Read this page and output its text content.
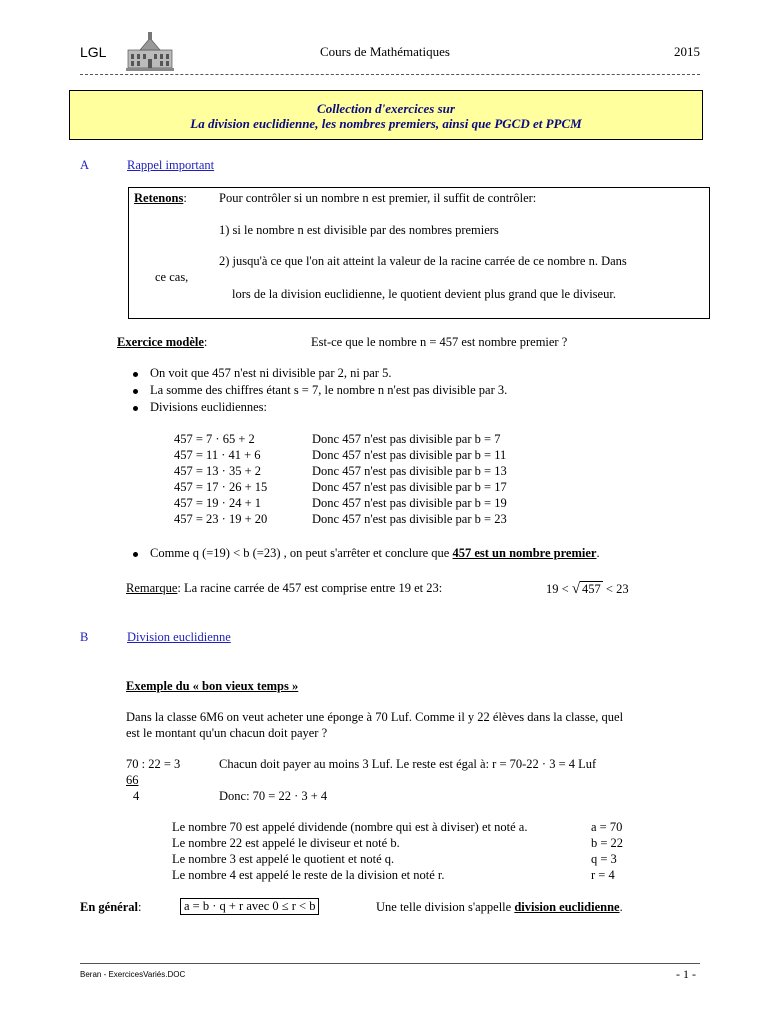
LGL	Cours de Mathématiques	2015
Collection d'exercices sur
La division euclidienne, les nombres premiers, ainsi que PGCD et PPCM
A	Rappel important
Retenons:	Pour contrôler si un nombre n est premier, il suffit de contrôler:
1) si le nombre n est divisible par des nombres premiers
2) jusqu'à ce que l'on ait atteint la valeur de la racine carrée de ce nombre n. Dans
ce cas,
lors de la division euclidienne, le quotient devient plus grand que le diviseur.
Exercice modèle:	Est-ce que le nombre n = 457 est nombre premier ?
On voit que 457 n'est ni divisible par 2, ni par 5.
La somme des chiffres étant s = 7, le nombre n n'est pas divisible par 3.
Divisions euclidiennes:
457 = 7 · 65 + 2	Donc 457 n'est pas divisible par b = 7
457 = 11 · 41 + 6	Donc 457 n'est pas divisible par b = 11
457 = 13 · 35 + 2	Donc 457 n'est pas divisible par b = 13
457 = 17 · 26 + 15	Donc 457 n'est pas divisible par b = 17
457 = 19 · 24 + 1	Donc 457 n'est pas divisible par b = 19
457 = 23 · 19 + 20	Donc 457 n'est pas divisible par b = 23
Comme q (=19) < b (=23) , on peut s'arrêter et conclure que 457 est un nombre premier.
Remarque: La racine carrée de 457 est comprise entre 19 et 23:	19 < √ 457 < 23
B	Division euclidienne
Exemple du « bon vieux temps »
Dans la classe 6M6 on veut acheter une éponge à 70 Luf. Comme il y 22 élèves dans la classe, quel
est le montant qu'un chacun doit payer ?
70 : 22 = 3
66
4
Chacun doit payer au moins 3 Luf. Le reste est égal à: r = 70-22 · 3 = 4 Luf
Donc: 70 = 22 · 3 + 4
Le nombre 70 est appelé dividende (nombre qui est à diviser) et noté a.	a = 70
Le nombre 22 est appelé le diviseur et noté b.	b = 22
Le nombre 3 est appelé le quotient et noté q.	q = 3
Le nombre 4 est appelé le reste de la division et noté r.	r = 4
En général:	a = b · q + r avec 0 ≤ r < b	Une telle division s'appelle division euclidienne.
Beran - ExercicesVariés.DOC	- 1 -
